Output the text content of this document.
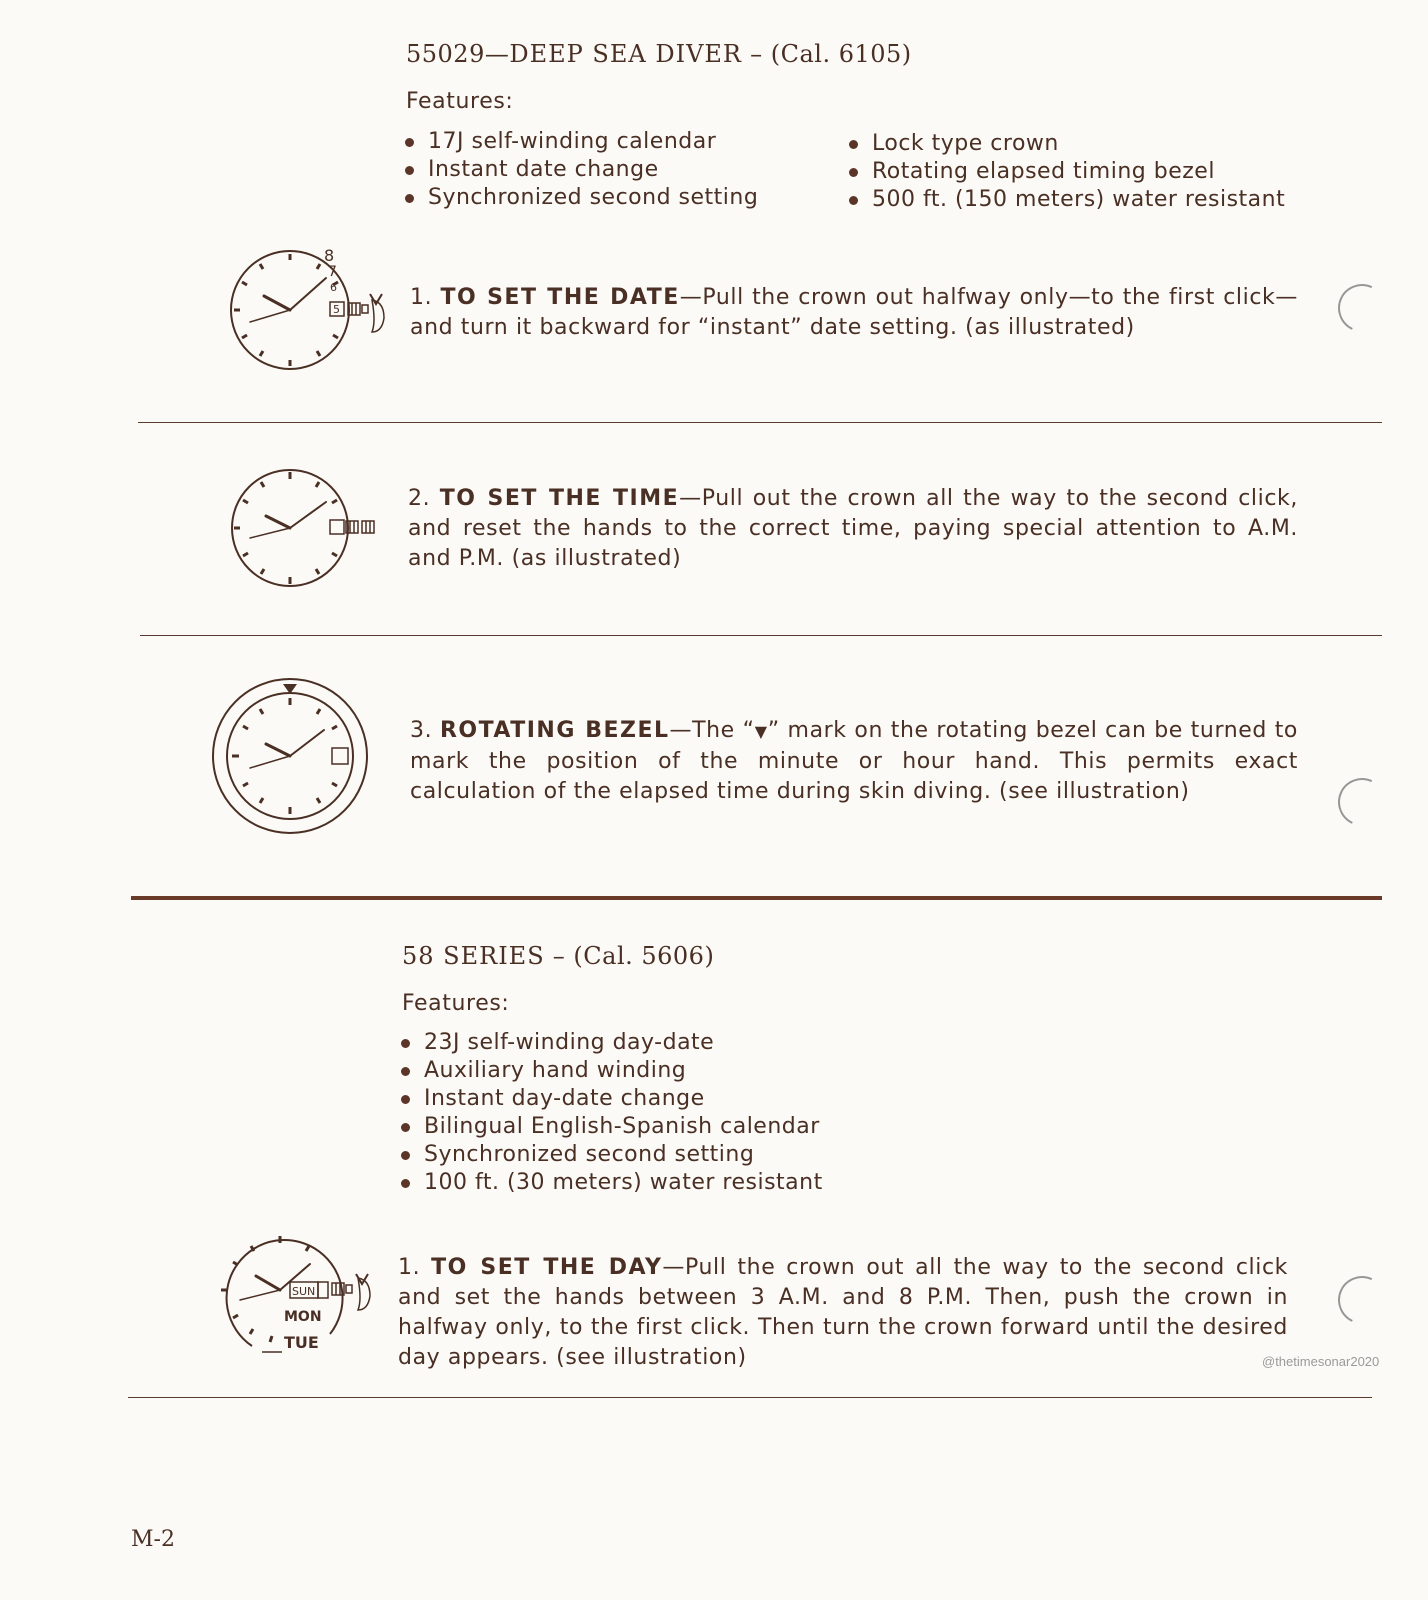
55029—DEEP SEA DIVER – (Cal. 6105)
Features:
17J self-winding calendar
Instant date change
Synchronized second setting
Lock type crown
Rotating elapsed timing bezel
500 ft. (150 meters) water resistant
8
7
6
5	1. TO SET THE DATE—Pull the crown out halfway only—to the first click—and turn it backward for “instant” date setting. (as illustrated)
2. TO SET THE TIME—Pull out the crown all the way to the second click, and reset the hands to the correct time, paying special attention to A.M. and P.M. (as illustrated)
3. ROTATING BEZEL—The “▼” mark on the rotating bezel can be turned to mark the position of the minute or hour hand. This permits exact calculation of the elapsed time during skin diving. (see illustration)
58 SERIES – (Cal. 5606)
Features:
23J self-winding day-date
Auxiliary hand winding
Instant day-date change
Bilingual English-Spanish calendar
Synchronized second setting
100 ft. (30 meters) water resistant
SUN
MON
TUE
1. TO SET THE DAY—Pull the crown out all the way to the second click and set the hands between 3 A.M. and 8 P.M. Then, push the crown in halfway only, to the first click. Then turn the crown forward until the desired day appears. (see illustration)	@thetimesonar2020
M-2
